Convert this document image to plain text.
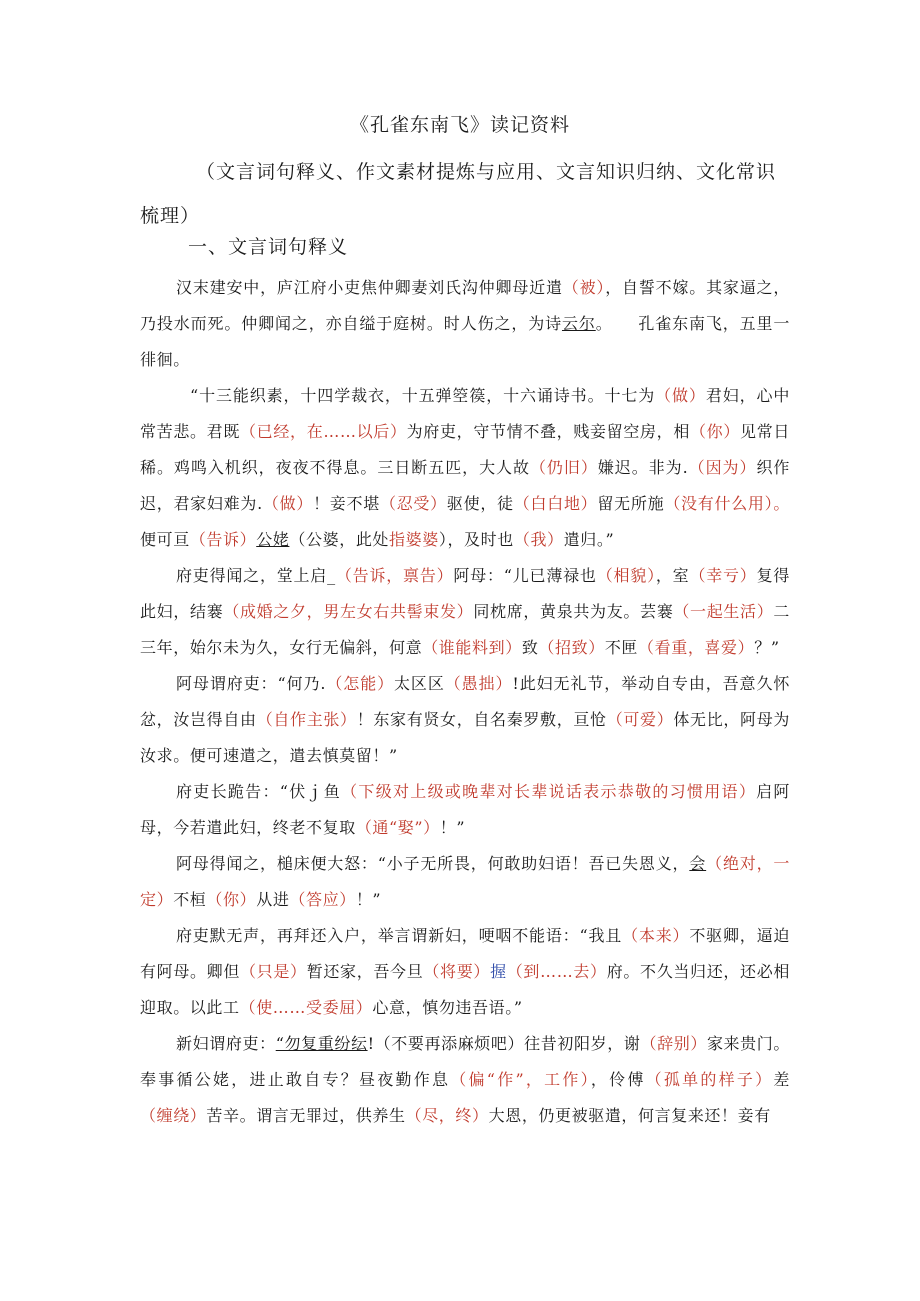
《孔雀东南飞》读记资料
（文言词句释义、作文素材提炼与应用、文言知识归纳、文化常识梳理）
一、文言词句释义

汉末建安中，庐江府小吏焦仲卿妻刘氏沟仲卿母近遣（被），自誓不嫁。其家逼之，乃投水而死。仲卿闻之，亦自缢于庭树。时人伤之，为诗云尔。　　孔雀东南飞，五里一徘徊。

“十三能织素，十四学裁衣，十五弹箜篌，十六诵诗书。十七为（做）君妇，心中常苦悲。君既（已经，在……以后）为府吏，守节情不叠，贱妾留空房，相（你）见常日稀。鸡鸣入机织，夜夜不得息。三日断五匹，大人故（仍旧）嫌迟。非为.（因为）织作迟，君家妇难为.（做）！妾不堪（忍受）驱使，徒（白白地）留无所施（没有什么用）。便可亘（告诉）公姥（公婆，此处指婆婆），及时也（我）遣归。”

府吏得闻之，堂上启_（告诉，禀告）阿母：“儿已薄禄也（相貌），室（幸亏）复得此妇，结褰（成婚之夕，男左女右共髻束发）同枕席，黄泉共为友。芸褰（一起生活）二三年，始尔未为久，女行无偏斜，何意（谁能料到）致（招致）不匣（看重，喜爱）？”

阿母谓府吏：“何乃.（怎能）太区区（愚拙）!此妇无礼节，举动自专由，吾意久怀忿，汝岂得自由（自作主张）！东家有贤女，自名秦罗敷，亘怆（可爱）体无比，阿母为汝求。便可速遣之，遣去慎莫留！”

府吏长跪告：“伏ｊ鱼（下级对上级或晚辈对长辈说话表示恭敬的习惯用语）启阿母，今若遣此妇，终老不复取（通“娶”）！”

阿母得闻之，槌床便大怒：“小子无所畏，何敢助妇语！吾已失恩义，会（绝对，一定）不桓（你）从进（答应）！”

府吏默无声，再拜还入户，举言谓新妇，哽咽不能语：“我且（本来）不驱卿，逼迫有阿母。卿但（只是）暂还家，吾今旦（将要）握（到……去）府。不久当归还，还必相迎取。以此工（使……受委屈）心意，慎勿违吾语。”

新妇谓府吏：“勿复重纷纭!（不要再添麻烦吧）往昔初阳岁，谢（辞别）家来贵门。奉事循公姥，进止敢自专？昼夜勤作息（偏“作”，工作），伶傅（孤单的样子）差（缠绕）苦辛。谓言无罪过，供养生（尽，终）大恩，仍更被驱遣，何言复来还！妾有
